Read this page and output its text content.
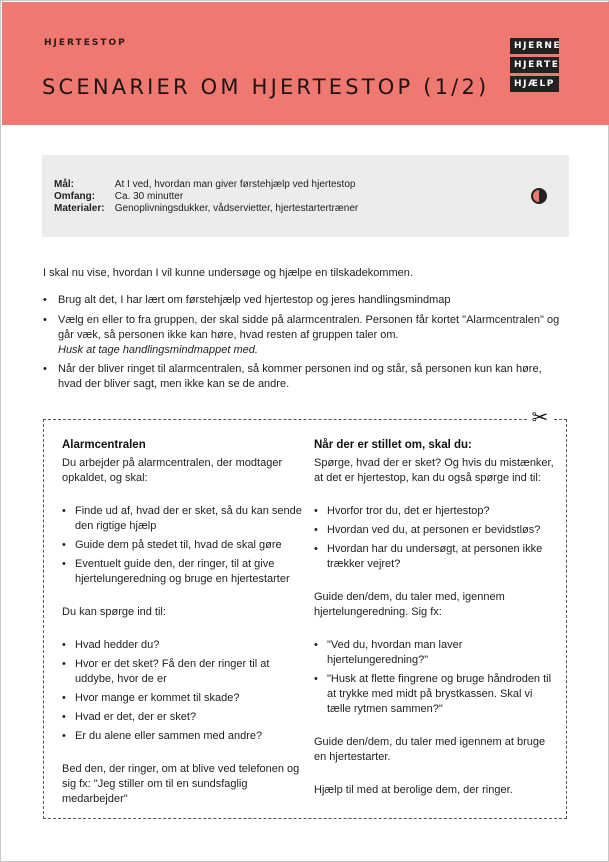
HJERTESTOP
SCENARIER OM HJERTESTOP (1/2)
HJERNE
HJERTE
HJÆLP
Mål:	At I ved, hvordan man giver førstehjælp ved hjertestop
Omfang: Ca. 30 minutter
Materialer: Genoplivningsdukker, vådservietter, hjertestartertræner

I skal nu vise, hvordan I vil kunne undersøge og hjælpe en tilskadekommen.

• Brug alt det, I har lært om førstehjælp ved hjertestop og jeres handlingsmindmap
• Vælg en eller to fra gruppen, der skal sidde på alarmcentralen. Personen får kortet "Alarmcentralen" og går væk, så personen ikke kan høre, hvad resten af gruppen taler om.
Husk at tage handlingsmindmappet med.
• Når der bliver ringet til alarmcentralen, så kommer personen ind og står, så personen kun kan høre, hvad der bliver sagt, men ikke kan se de andre.
✂
Alarmcentralen

Du arbejder på alarmcentralen, der modtager opkaldet, og skal:

• Finde ud af, hvad der er sket, så du kan sende den rigtige hjælp
• Guide dem på stedet til, hvad de skal gøre
• Eventuelt guide den, der ringer, til at give hjertelungeredning og bruge en hjertestarter

Du kan spørge ind til:

• Hvad hedder du?
• Hvor er det sket? Få den der ringer til at uddybe, hvor de er
• Hvor mange er kommet til skade?
• Hvad er det, der er sket?
• Er du alene eller sammen med andre?

Bed den, der ringer, om at blive ved telefonen og sig fx: "Jeg stiller om til en sundsfaglig medarbejder"

Når der er stillet om, skal du:

Spørge, hvad der er sket? Og hvis du mistænker, at det er hjertestop, kan du også spørge ind til:

• Hvorfor tror du, det er hjertestop?
• Hvordan ved du, at personen er bevidstløs?
• Hvordan har du undersøgt, at personen ikke trækker vejret?

Guide den/dem, du taler med, igennem hjertelungeredning. Sig fx:

• "Ved du, hvordan man laver hjertelungeredning?"
• "Husk at flette fingrene og bruge håndroden til at trykke med midt på brystkassen. Skal vi tælle rytmen sammen?"

Guide den/dem, du taler med igennem at bruge en hjertestarter.

Hjælp til med at berolige dem, der ringer.
